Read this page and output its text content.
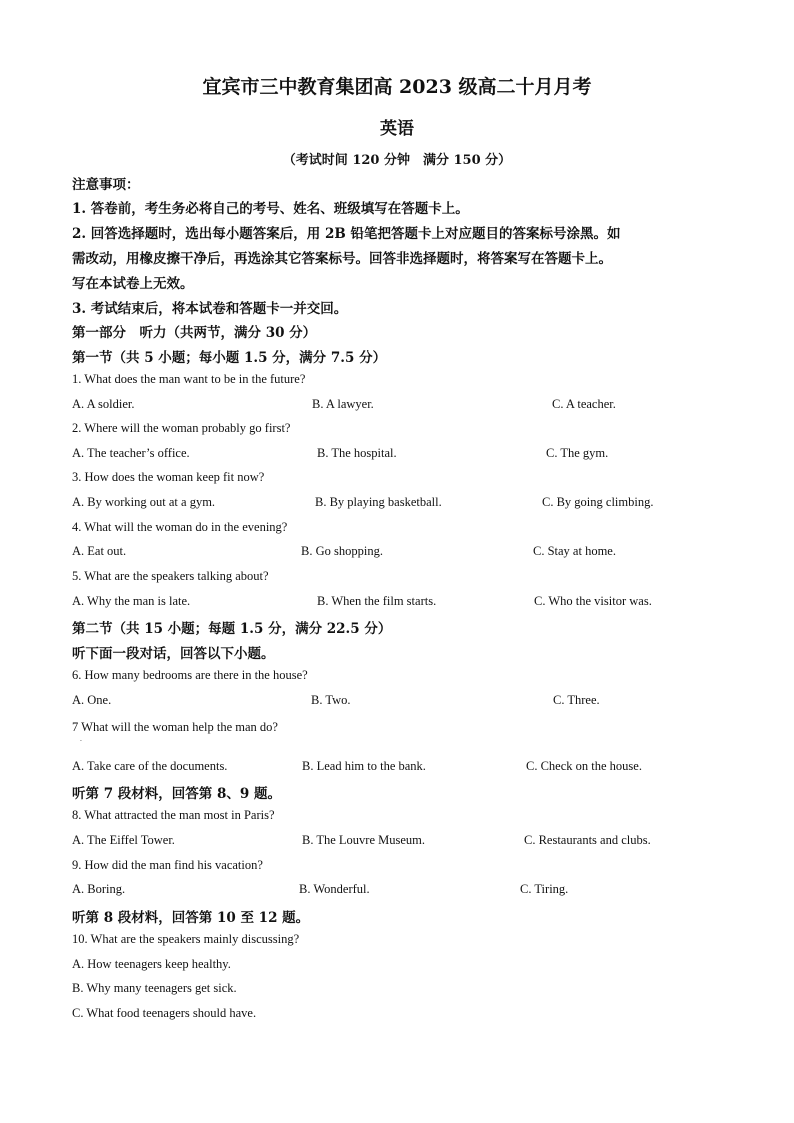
宜宾市三中教育集团高 2023 级高二十月月考
英语
（考试时间 120 分钟　满分 150 分）
注意事项：
1. 答卷前，考生务必将自己的考号、姓名、班级填写在答题卡上。
2. 回答选择题时，选出每小题答案后，用 2B 铅笔把答题卡上对应题目的答案标号涂黑。如
需改动，用橡皮擦干净后，再选涂其它答案标号。回答非选择题时，将答案写在答题卡上。
写在本试卷上无效。
3. 考试结束后，将本试卷和答题卡一并交回。
第一部分　听力（共两节，满分 30 分）
第一节（共 5 小题；每小题 1.5 分，满分 7.5 分）
1. What does the man want to be in the future?
A. A soldier.	B. A lawyer.	C. A teacher.
2. Where will the woman probably go first?
A. The teacher’s office.	B. The hospital.	C. The gym.
3. How does the woman keep fit now?
A. By working out at a gym.	B. By playing basketball.	C. By going climbing.
4. What will the woman do in the evening?
A. Eat out.	B. Go shopping.	C. Stay at home.
5. What are the speakers talking about?
A. Why the man is late.	B. When the film starts.	C. Who the visitor was.
第二节（共 15 小题；每题 1.5 分，满分 22.5 分）
听下面一段对话，回答以下小题。
6. How many bedrooms are there in the house?
A. One.	B. Two.	C. Three.
7 What will the woman help the man do?
.
A. Take care of the documents.	B. Lead him to the bank.	C. Check on the house.
听第 7 段材料，回答第 8、9 题。
8. What attracted the man most in Paris?
A. The Eiffel Tower.	B. The Louvre Museum.	C. Restaurants and clubs.
9. How did the man find his vacation?
A. Boring.	B. Wonderful.	C. Tiring.
听第 8 段材料，回答第 10 至 12 题。
10. What are the speakers mainly discussing?
A. How teenagers keep healthy.
B. Why many teenagers get sick.
C. What food teenagers should have.
